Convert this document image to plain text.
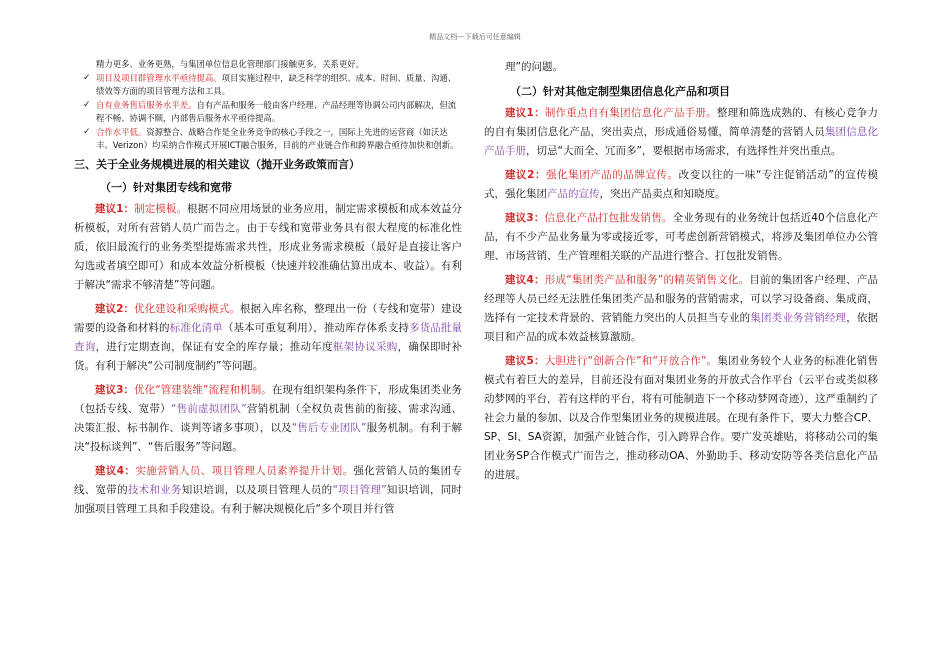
精品文档---下载后可任意编辑
精力更多、业务更熟，与集团单位信息化管理部门接触更多，关系更好。
✓ 项目及项目群管理水平亟待提高。项目实施过程中，缺乏科学的组织、成本、时间、质量、沟通、绩效等方面的项目管理方法和工具。
✓ 自有业务售后服务水平差。自有产品和服务一般由客户经理、产品经理等协调公司内部解决，但流程不畅、协调不顺，内部售后服务水平亟待提高。
✓ 合作水平低。资源整合、战略合作是全业务竞争的核心手段之一，国际上先进的运营商（如沃达丰、Verizon）均采纳合作模式开展ICT融合服务，目前的产业链合作和跨界融合亟待加快和创新。
三、关于全业务规模进展的相关建议（抛开业务政策而言）
（一）针对集团专线和宽带

建议1：制定模板。根据不同应用场景的业务应用，制定需求模板和成本效益分析模板，对所有营销人员广而告之。由于专线和宽带业务具有很大程度的标准化性质，依旧最流行的业务类型提炼需求共性，形成业务需求模板（最好是直接让客户勾选或者填空即可）和成本效益分析模板（快速并较准确估算出成本、收益）。有利于解决“需求不够清楚”等问题。

建议2：优化建设和采购模式。根据入库名称，整理出一份（专线和宽带）建设需要的设备和材料的标准化清单（基本可重复利用），推动库存体系支持多货品批量查询，进行定期查询，保证有安全的库存量；推动年度框架协议采购，确保即时补货。有利于解决“公司制度制约”等问题。

建议3：优化“管建装维”流程和机制。在现有组织架构条件下，形成集团类业务（包括专线、宽带）“售前虚拟团队”营销机制（全权负责售前的衔接、需求沟通、决策汇报、标书制作、谈判等诸多事项），以及“售后专业团队”服务机制。有利于解决“投标谈判”、“售后服务”等问题。

建议4：实施营销人员、项目管理人员素养提升计划。强化营销人员的集团专线、宽带的技术和业务知识培训，以及项目管理人员的“项目管理”知识培训，同时加强项目管理工具和手段建设。有利于解决规模化后“多个项目并行管

理”的问题。

（二）针对其他定制型集团信息化产品和项目

建议1：制作重点自有集团信息化产品手册。整理和筛选成熟的、有核心竞争力的自有集团信息化产品，突出卖点，形成通俗易懂，简单清楚的营销人员集团信息化产品手册，切忌“大而全、冗而多”，要根据市场需求，有选择性并突出重点。

建议2：强化集团产品的品牌宣传。改变以往的一味“专注促销活动”的宣传模式，强化集团产品的宣传，突出产品卖点和知晓度。

建议3：信息化产品打包批发销售。全业务现有的业务统计包括近40个信息化产品，有不少产品业务量为零或接近零，可考虑创新营销模式，将涉及集团单位办公管理、市场营销、生产管理相关联的产品进行整合、打包批发销售。

建议4：形成“集团类产品和服务”的精英销售文化。目前的集团客户经理、产品经理等人员已经无法胜任集团类产品和服务的营销需求，可以学习设备商、集成商，选择有一定技术背景的、营销能力突出的人员担当专业的集团类业务营销经理，依据项目和产品的成本效益核算激励。

建议5：大胆进行“创新合作”和“开放合作”。集团业务较个人业务的标准化销售模式有着巨大的差异，目前还没有面对集团业务的开放式合作平台（云平台或类似移动梦网的平台，若有这样的平台，将有可能制造下一个移动梦网奇迹），这严重制约了社会力量的参加、以及合作型集团业务的规模进展。在现有条件下，要大力整合CP、SP、SI、SA资源，加强产业链合作，引入跨界合作。要广发英雄贴，将移动公司的集团业务SP合作模式广而告之，推动移动OA、外勤助手、移动安防等各类信息化产品的进展。
